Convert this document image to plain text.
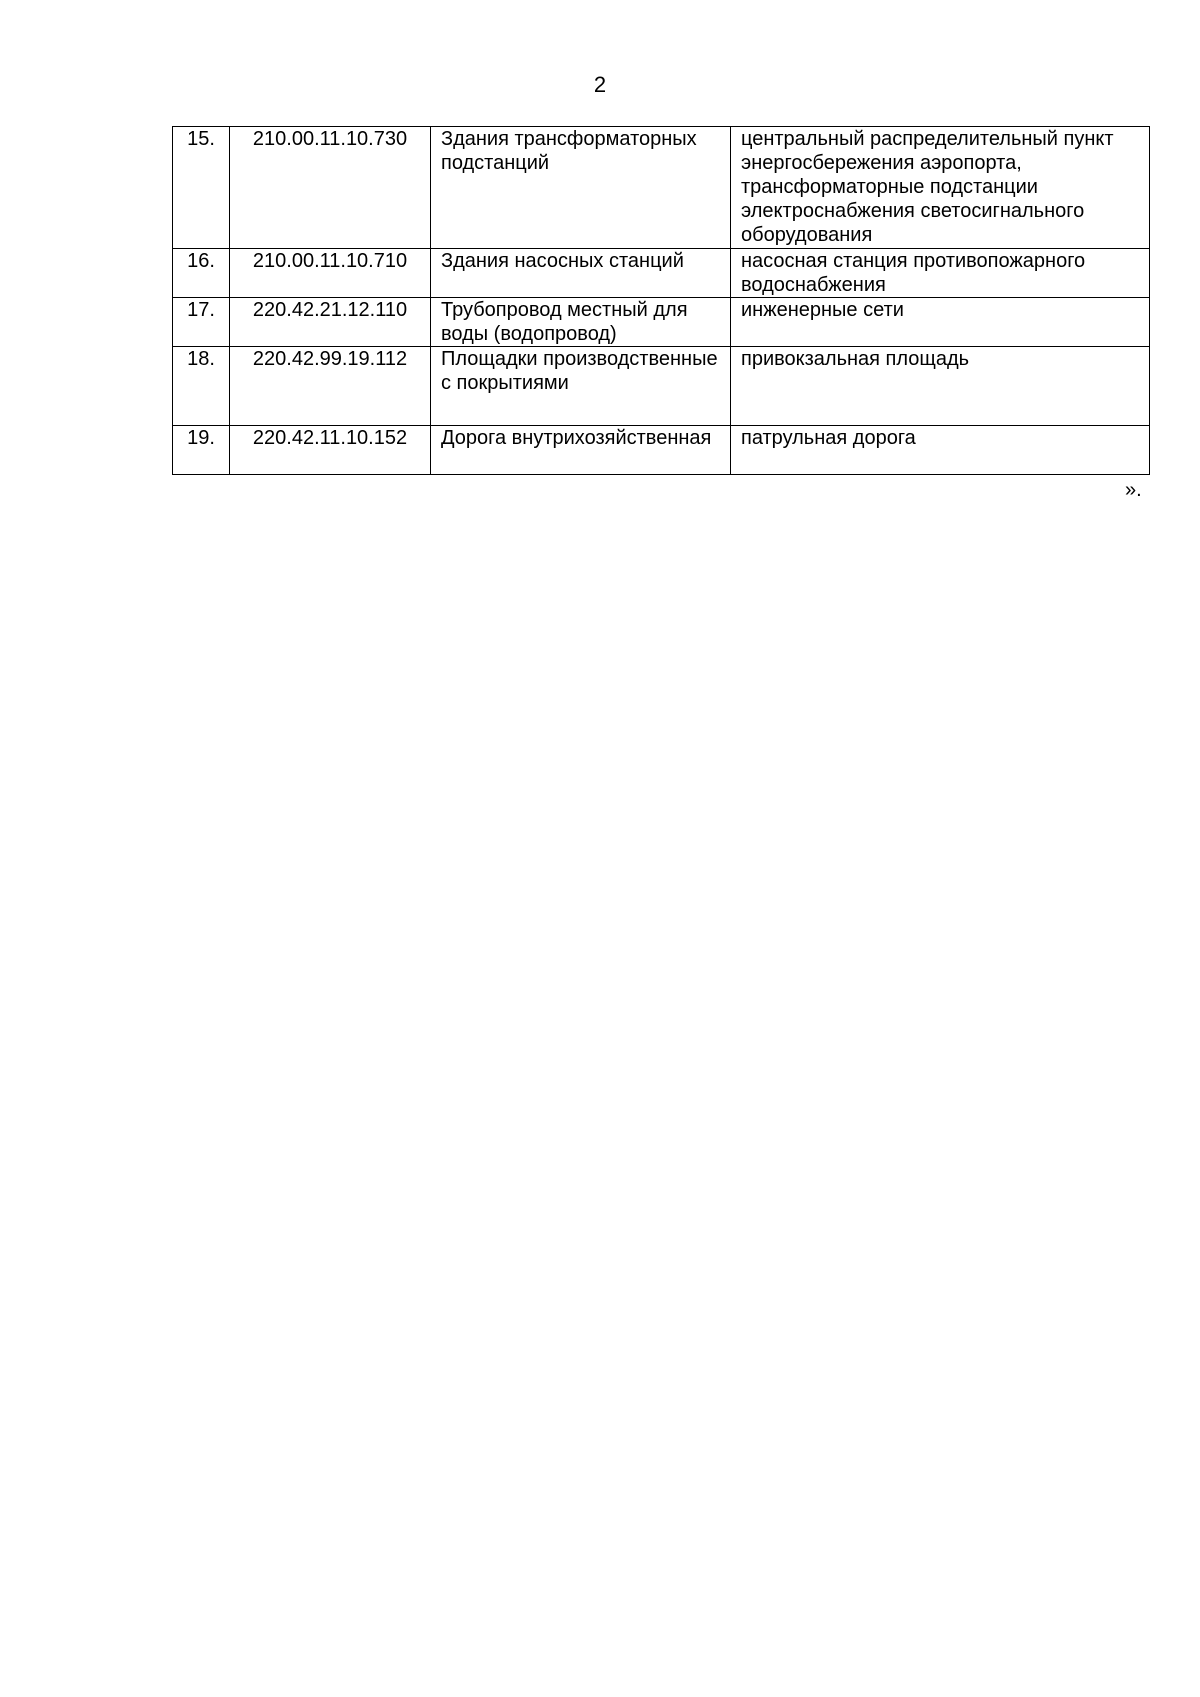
2
15.	210.00.11.10.730	Здания трансформаторных подстанций	центральный распределительный пункт энергосбережения аэропорта, трансформаторные подстанции электроснабжения светосигнального оборудования
16.	210.00.11.10.710	Здания насосных станций	насосная станция противопожарного водоснабжения
17.	220.42.21.12.110	Трубопровод местный для воды (водопровод)	инженерные сети
18.	220.42.99.19.112	Площадки производственные с покрытиями	привокзальная площадь
19.	220.42.11.10.152	Дорога внутрихозяйственная	патрульная дорога
».
